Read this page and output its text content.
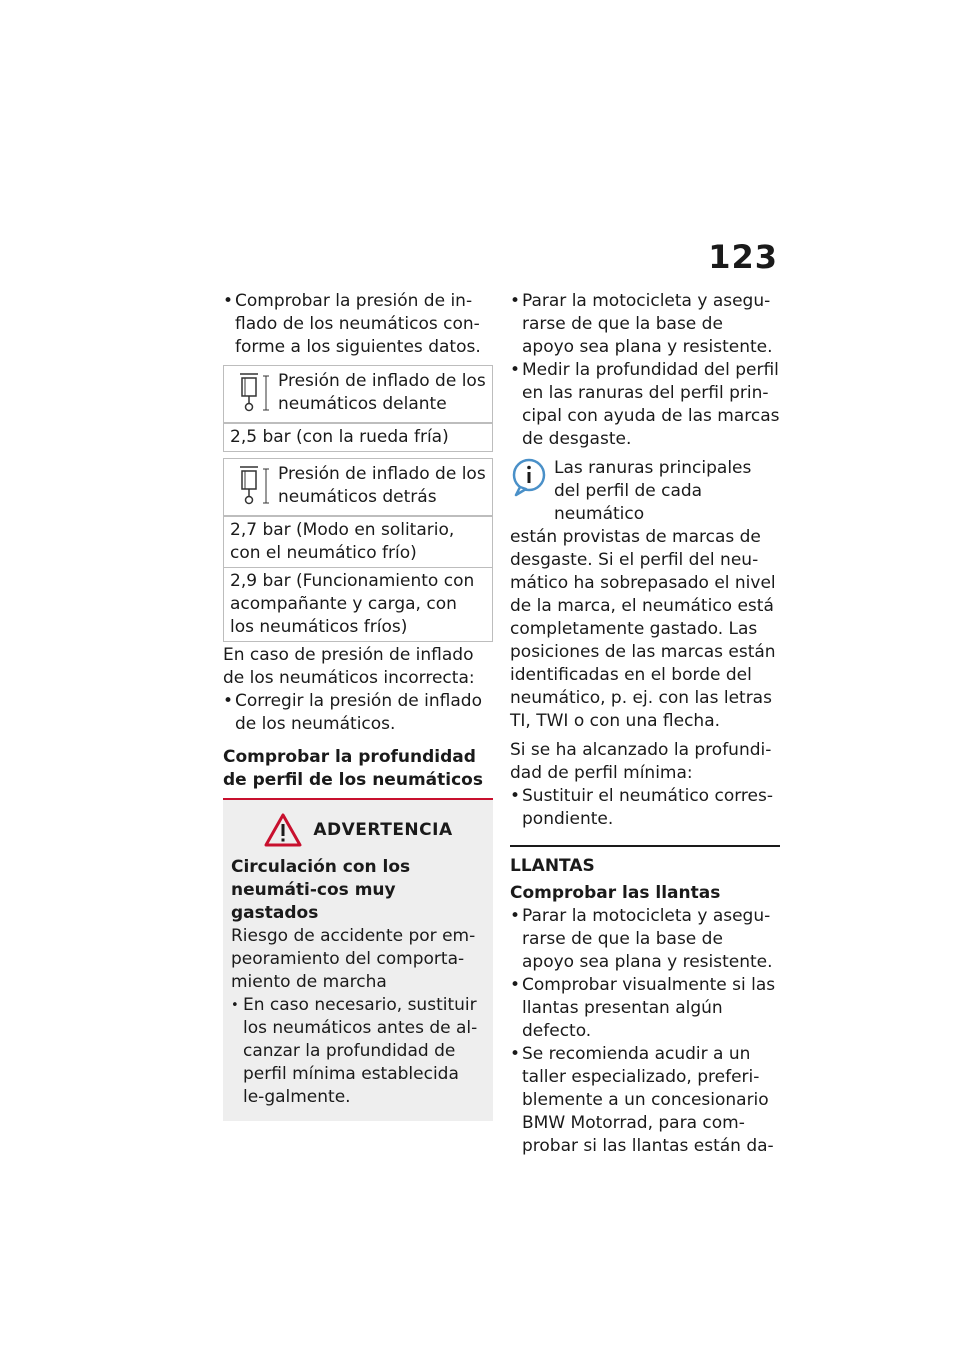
123
• Comprobar la presión de in-flado de los neumáticos con-forme a los siguientes datos.
Presión de inflado de los neumáticos delante
2,5 bar (con la rueda fría)
Presión de inflado de los neumáticos detrás
2,7 bar (Modo en solitario, con el neumático frío)
2,9 bar (Funcionamiento con acompañante y carga, con los neumáticos fríos)

En caso de presión de inflado de los neumáticos incorrecta:

• Corregir la presión de inflado de los neumáticos.
Comprobar la profundidad de perfil de los neumáticos
ADVERTENCIA

Circulación con los neumáti-cos muy gastados

Riesgo de accidente por em-peoramiento del comporta-miento de marcha

• En caso necesario, sustituir los neumáticos antes de al-canzar la profundidad de perfil mínima establecida le-galmente.
• Parar la motocicleta y asegu-rarse de que la base de apoyo sea plana y resistente.
• Medir la profundidad del perfil en las ranuras del perfil prin-cipal con ayuda de las marcas de desgaste.

Las ranuras principales del perfil de cada neumático

están provistas de marcas de desgaste. Si el perfil del neu-mático ha sobrepasado el nivel de la marca, el neumático está completamente gastado. Las posiciones de las marcas están identificadas en el borde del neumático, p. ej. con las letras TI, TWI o con una flecha.

Si se ha alcanzado la profundi-dad de perfil mínima:

• Sustituir el neumático corres-pondiente.

LLANTAS

Comprobar las llantas

• Parar la motocicleta y asegu-rarse de que la base de apoyo sea plana y resistente.
• Comprobar visualmente si las llantas presentan algún defecto.
• Se recomienda acudir a un taller especializado, preferi-blemente a un concesionario BMW Motorrad, para com-probar si las llantas están da-
